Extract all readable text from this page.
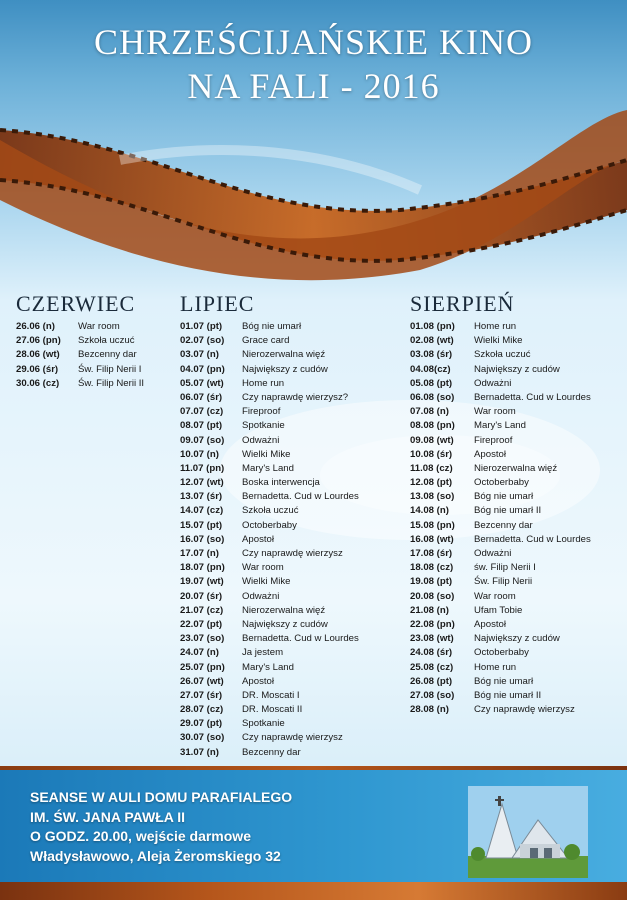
CHRZEŚCIJAŃSKIE KINO
NA FALI - 2016
CZERWIEC
26.06 (n) War room
27.06 (pn) Szkoła uczuć
28.06 (wt) Bezcenny dar
29.06 (śr) Św. Filip Nerii I
30.06 (cz) Św. Filip Nerii II
LIPIEC
01.07 (pt) Bóg nie umarł
02.07 (so) Grace card
03.07 (n) Nierozerwalna więź
04.07 (pn) Największy z cudów
05.07 (wt) Home run
06.07 (śr) Czy naprawdę wierzysz?
07.07 (cz) Fireproof
08.07 (pt) Spotkanie
09.07 (so) Odważni
10.07 (n) Wielki Mike
11.07 (pn) Mary's Land
12.07 (wt) Boska interwencja
13.07 (śr) Bernadetta. Cud w Lourdes
14.07 (cz) Szkoła uczuć
15.07 (pt) Octoberbaby
16.07 (so) Apostoł
17.07 (n) Czy naprawdę wierzysz
18.07 (pn) War room
19.07 (wt) Wielki Mike
20.07 (śr) Odważni
21.07 (cz) Nierozerwalna więź
22.07 (pt) Największy z cudów
23.07 (so) Bernadetta. Cud w Lourdes
24.07 (n) Ja jestem
25.07 (pn) Mary's Land
26.07 (wt) Apostoł
27.07 (śr) DR. Moscati I
28.07 (cz) DR. Moscati II
29.07 (pt) Spotkanie
30.07 (so) Czy naprawdę wierzysz
31.07 (n) Bezcenny dar
SIERPIEŃ
01.08 (pn) Home run
02.08 (wt) Wielki Mike
03.08 (śr) Szkoła uczuć
04.08(cz) Największy z cudów
05.08 (pt) Odważni
06.08 (so) Bernadetta. Cud w Lourdes
07.08 (n)	War room
08.08 (pn) Mary's Land
09.08 (wt) Fireproof
10.08 (śr) Apostoł
11.08 (cz) Nierozerwalna więź
12.08 (pt) Octoberbaby
13.08 (so) Bóg nie umarł
14.08 (n)	Bóg nie umarł II
15.08 (pn) Bezcenny dar
16.08 (wt) Bernadetta. Cud w Lourdes
17.08 (śr) Odważni
18.08 (cz) św. Filip Nerii I
19.08 (pt) Św. Filip Nerii
20.08 (so) War room
21.08 (n)	Ufam Tobie
22.08 (pn) Apostoł
23.08 (wt) Największy z cudów
24.08 (śr) Octoberbaby
25.08 (cz) Home run
26.08 (pt) Bóg nie umarł
27.08 (so) Bóg nie umarł II
28.08 (n)	Czy naprawdę wierzysz
SEANSE W AULI DOMU PARAFIALEGO
IM. ŚW. JANA PAWŁA II
O GODZ. 20.00, wejście darmowe
Władysławowo, Aleja Żeromskiego 32
